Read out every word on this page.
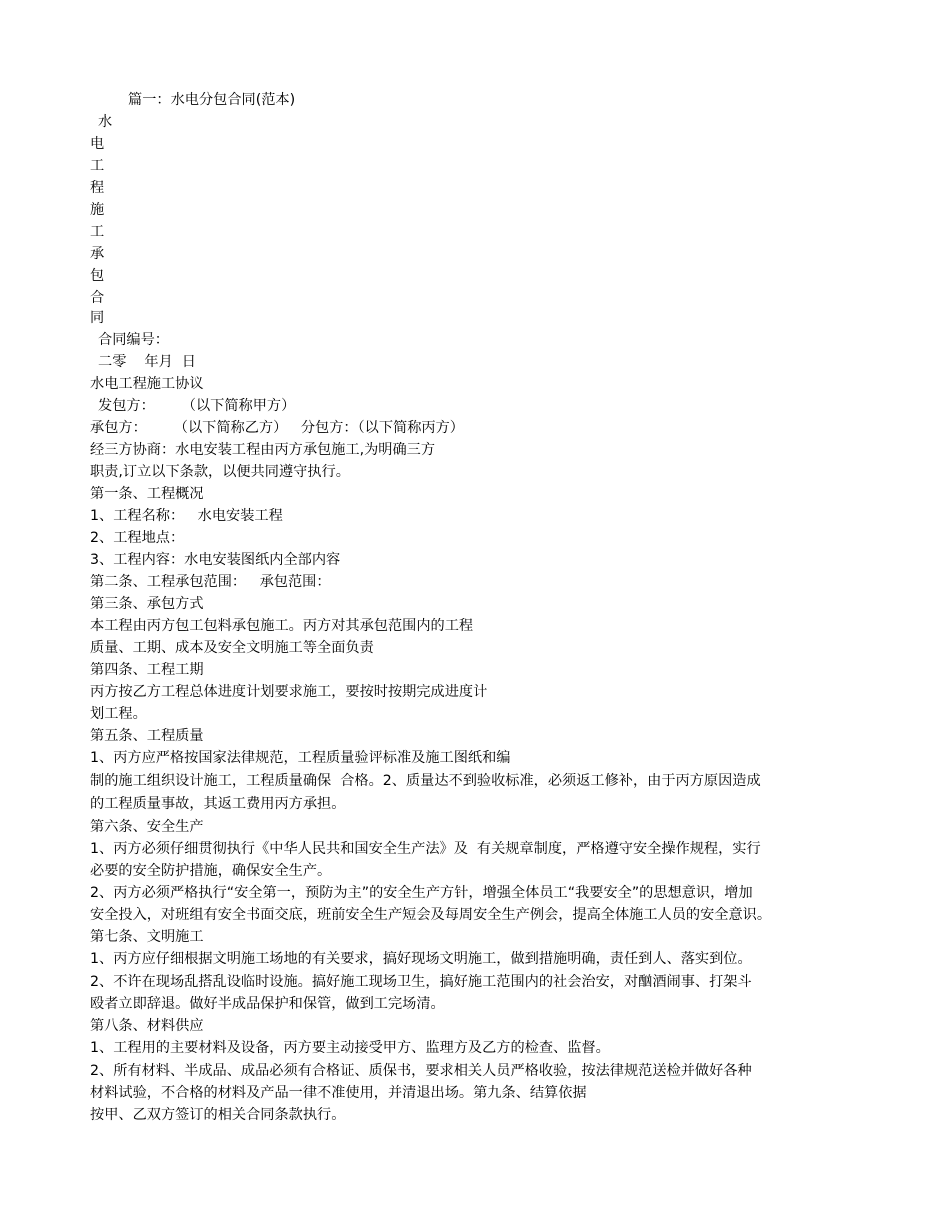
篇一：水电分包合同(范本)
水
电
工
程
施
工
承
包
合
同
合同编号：
二零    年月  日
水电工程施工协议
发包方：      （以下简称甲方）
承包方：      （以下简称乙方）   分包方：（以下简称丙方）
经三方协商：水电安装工程由丙方承包施工,为明确三方
职责,订立以下条款，以便共同遵守执行。
第一条、工程概况
1、工程名称：   水电安装工程
2、工程地点：
3、工程内容：水电安装图纸内全部内容
第二条、工程承包范围：   承包范围：
第三条、承包方式
本工程由丙方包工包料承包施工。丙方对其承包范围内的工程
质量、工期、成本及安全文明施工等全面负责
第四条、工程工期
丙方按乙方工程总体进度计划要求施工，要按时按期完成进度计
划工程。
第五条、工程质量
1、丙方应严格按国家法律规范，工程质量验评标准及施工图纸和编
制的施工组织设计施工，工程质量确保  合格。2、质量达不到验收标准，必须返工修补，由于丙方原因造成
的工程质量事故，其返工费用丙方承担。
第六条、安全生产
1、丙方必须仔细贯彻执行《中华人民共和国安全生产法》及  有关规章制度，严格遵守安全操作规程，实行
必要的安全防护措施，确保安全生产。
2、丙方必须严格执行“安全第一，预防为主”的安全生产方针，增强全体员工“我要安全”的思想意识，增加
安全投入，对班组有安全书面交底，班前安全生产短会及每周安全生产例会，提高全体施工人员的安全意识。
第七条、文明施工
1、丙方应仔细根据文明施工场地的有关要求，搞好现场文明施工，做到措施明确，责任到人、落实到位。
2、不许在现场乱搭乱设临时设施。搞好施工现场卫生，搞好施工范围内的社会治安，对酗酒闹事、打架斗
殴者立即辞退。做好半成品保护和保管，做到工完场清。
第八条、材料供应
1、工程用的主要材料及设备，丙方要主动接受甲方、监理方及乙方的检查、监督。
2、所有材料、半成品、成品必须有合格证、质保书，要求相关人员严格收验，按法律规范送检并做好各种
材料试验，不合格的材料及产品一律不准使用，并清退出场。第九条、结算依据
按甲、乙双方签订的相关合同条款执行。
